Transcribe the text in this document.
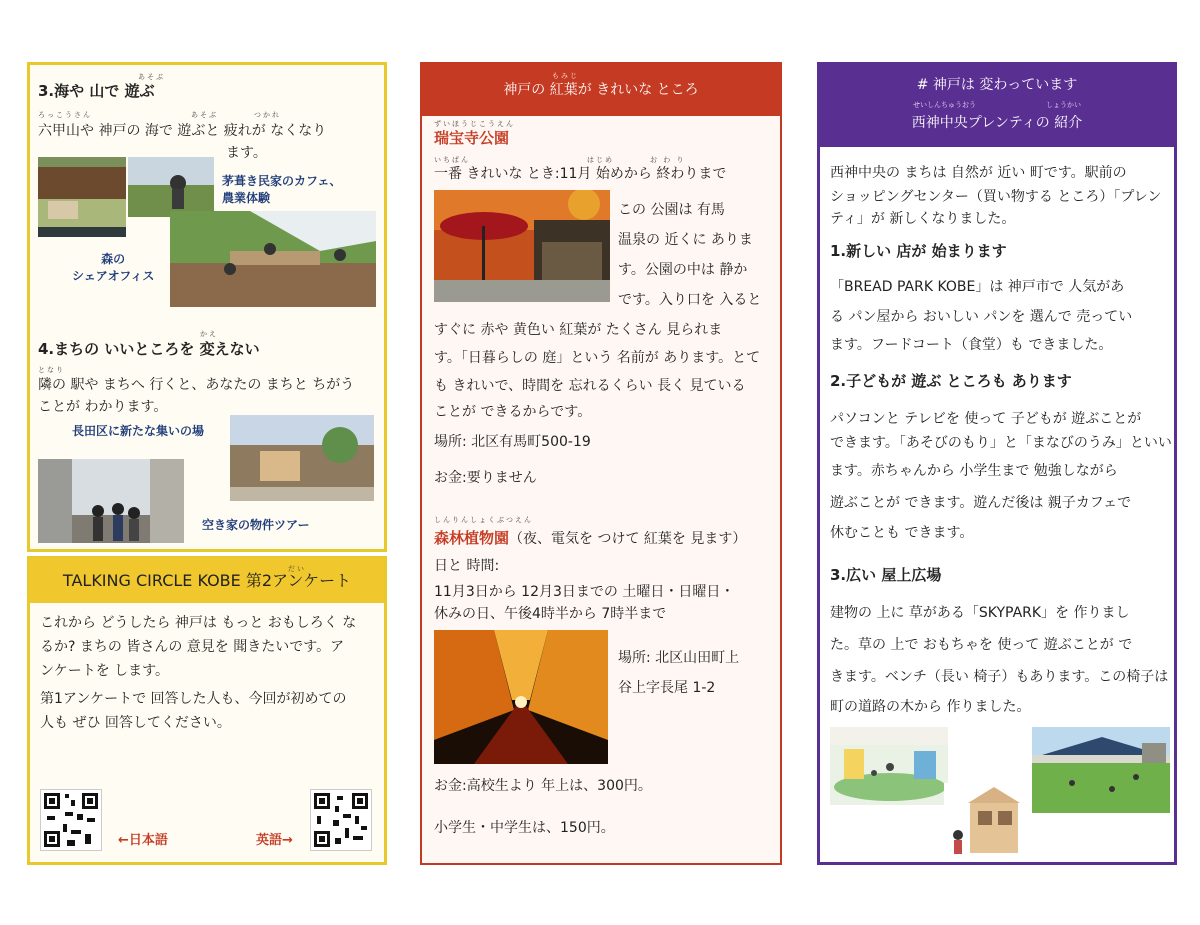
あそぶ
3.海や 山で 遊ぶ
ろっこうさん　　　　　　　　　　　あそぶ　　　　つかれ
六甲山や 神戸の 海で 遊ぶと 疲れが なくなり
ます。
茅葺き民家のカフェ、
農業体験
森の
シェアオフィス
かえ
4.まちの いいところを 変えない
となり
隣の 駅や まちへ 行くと、あなたの まちと ちがう
ことが わかります。
長田区に新たな集いの場
空き家の物件ツアー
TALKING CIRCLE KOBE 第2アンケート
だい
これから どうしたら 神戸は もっと おもしろく な
るか? まちの 皆さんの 意見を 聞きたいです。ア
ンケートを します。
第1アンケートで 回答した人も、今回が初めての
人も ぜひ 回答してください。
←日本語	英語→
神戸の 紅葉が きれいな ところ
もみじ
ずいほうじこうえん
瑞宝寺公園
いちばん　　　　　　　　　　　　　はじめ　　　　お わ り
一番 きれいな とき:11月 始めから 終わりまで
この 公園は 有馬
温泉の 近くに ありま
す。公園の中は 静か
です。入り口を 入ると
すぐに 赤や 黄色い 紅葉が たくさん 見られま
す。「日暮らしの 庭」という 名前が あります。とて
も きれいで、時間を 忘れるくらい 長く 見ている
ことが できるからです。
場所: 北区有馬町500-19
お金:要りません
しんりんしょくぶつえん
森林植物園（夜、電気を つけて 紅葉を 見ます）
日と 時間:
11月3日から 12月3日までの 土曜日・日曜日・
休みの日、午後4時半から 7時半まで
場所: 北区山田町上
谷上字長尾 1-2
お金:高校生より 年上は、300円。
小学生・中学生は、150円。
# 神戸は 変わっています
せいしんちゅうおう　　　　　　　　　　しょうかい
西神中央プレンティの 紹介
西神中央の まちは 自然が 近い 町です。駅前の
ショッピングセンター（買い物する ところ）「プレン
ティ」が 新しくなりました。
1.新しい 店が 始まります
「BREAD PARK KOBE」は 神戸市で 人気があ
る パン屋から おいしい パンを 選んで 売ってい
ます。フードコート（食堂）も できました。
2.子どもが 遊ぶ ところも あります
パソコンと テレビを 使って 子どもが 遊ぶことが
できます。「あそびのもり」と「まなびのうみ」といい
ます。赤ちゃんから 小学生まで 勉強しながら
遊ぶことが できます。遊んだ後は 親子カフェで
休むことも できます。
3.広い 屋上広場
建物の 上に 草がある「SKYPARK」を 作りまし
た。草の 上で おもちゃを 使って 遊ぶことが で
きます。ベンチ（長い 椅子）もあります。この椅子は
町の道路の木から 作りました。
